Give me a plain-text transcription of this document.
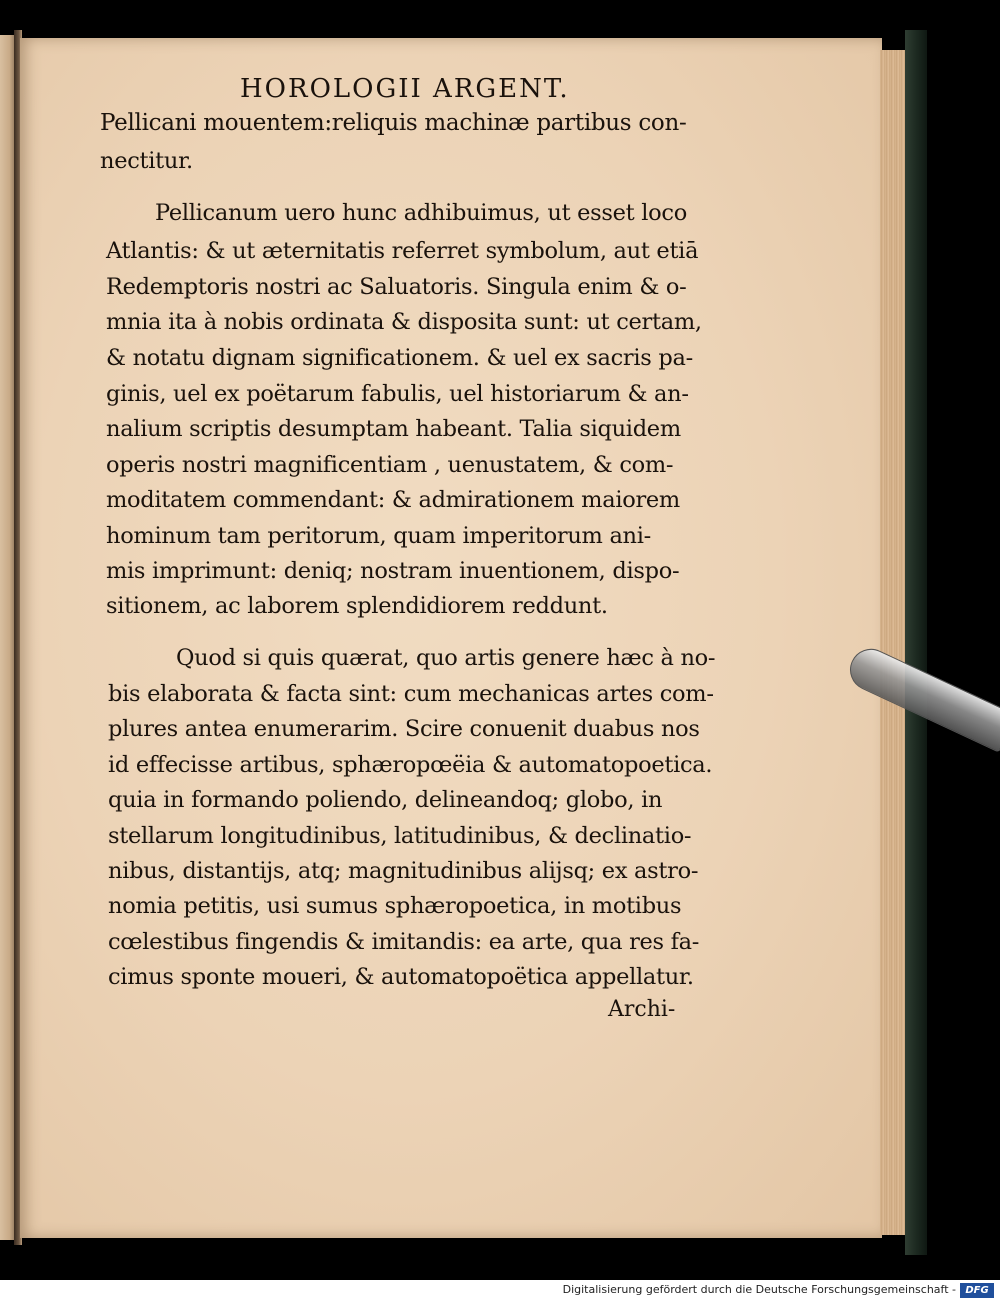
HOROLOGII ARGENT.
Pellicani mouentem:reliquis machinæ partibus con-
nectitur.
Pellicanum uero hunc adhibuimus, ut esset loco
Atlantis: & ut æternitatis referret symbolum, aut etiā
Redemptoris nostri ac Saluatoris. Singula enim & o-
mnia ita à nobis ordinata & disposita sunt: ut certam,
& notatu dignam significationem. & uel ex sacris pa-
ginis, uel ex poëtarum fabulis, uel historiarum & an-
nalium scriptis desumptam habeant. Talia siquidem
operis nostri magnificentiam , uenustatem, & com-
moditatem commendant: & admirationem maiorem
hominum tam peritorum, quam imperitorum ani-
mis imprimunt: deniq; nostram inuentionem, dispo-
sitionem, ac laborem splendidiorem reddunt.
Quod si quis quærat, quo artis genere hæc à no-
bis elaborata & facta sint: cum mechanicas artes com-
plures antea enumerarim. Scire conuenit duabus nos
id effecisse artibus, sphæropœëia & automatopoetica.
quia in formando poliendo, delineandoq; globo, in
stellarum longitudinibus, latitudinibus, & declinatio-
nibus, distantijs, atq; magnitudinibus alijsq; ex astro-
nomia petitis, usi sumus sphæropoetica, in motibus
cœlestibus fingendis & imitandis: ea arte, qua res fa-
cimus sponte moueri, & automatopoëtica appellatur.
Archi-
Digitalisierung gefördert durch die Deutsche Forschungsgemeinschaft - DFG
